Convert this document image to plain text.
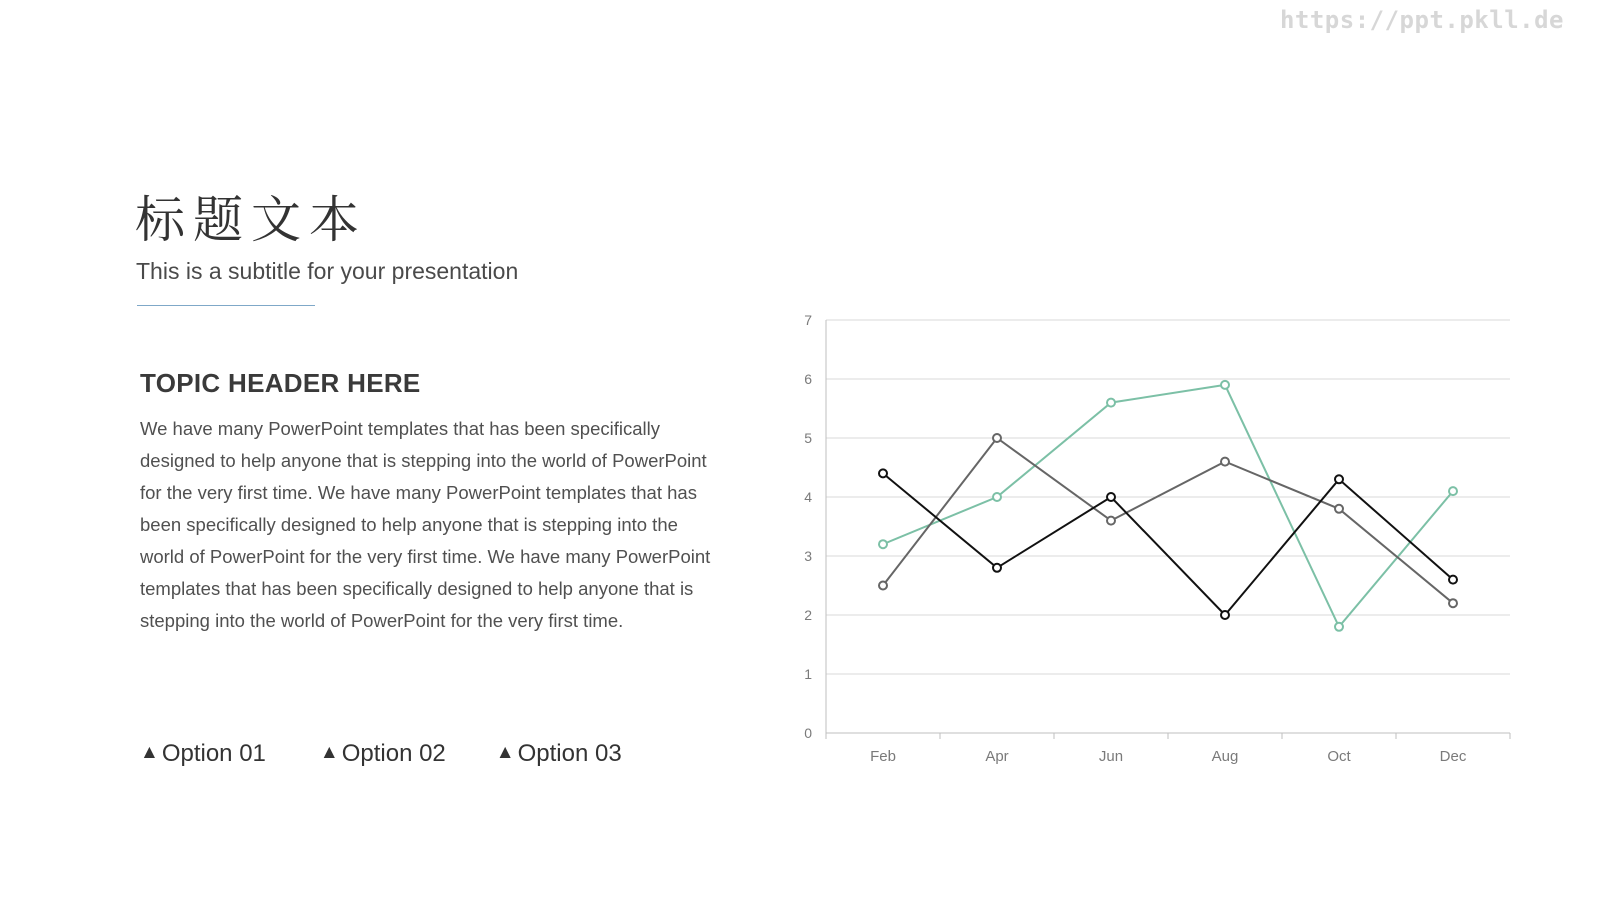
https://ppt.pkll.de
标题文本
This is a subtitle for your presentation
TOPIC HEADER HERE
We have many PowerPoint templates that has been specifically designed to help anyone that is stepping into the world of PowerPoint for the very first time. We have many PowerPoint templates that has been specifically designed to help anyone that is stepping into the world of PowerPoint for the very first time. We have many PowerPoint templates that has been specifically designed to help anyone that is stepping into the world of PowerPoint for the very first time.
▲ Option 01	▲ Option 02	▲ Option 03
0
1
2
3
4
5
6
7
Feb	Apr	Jun	Aug	Oct	Dec
